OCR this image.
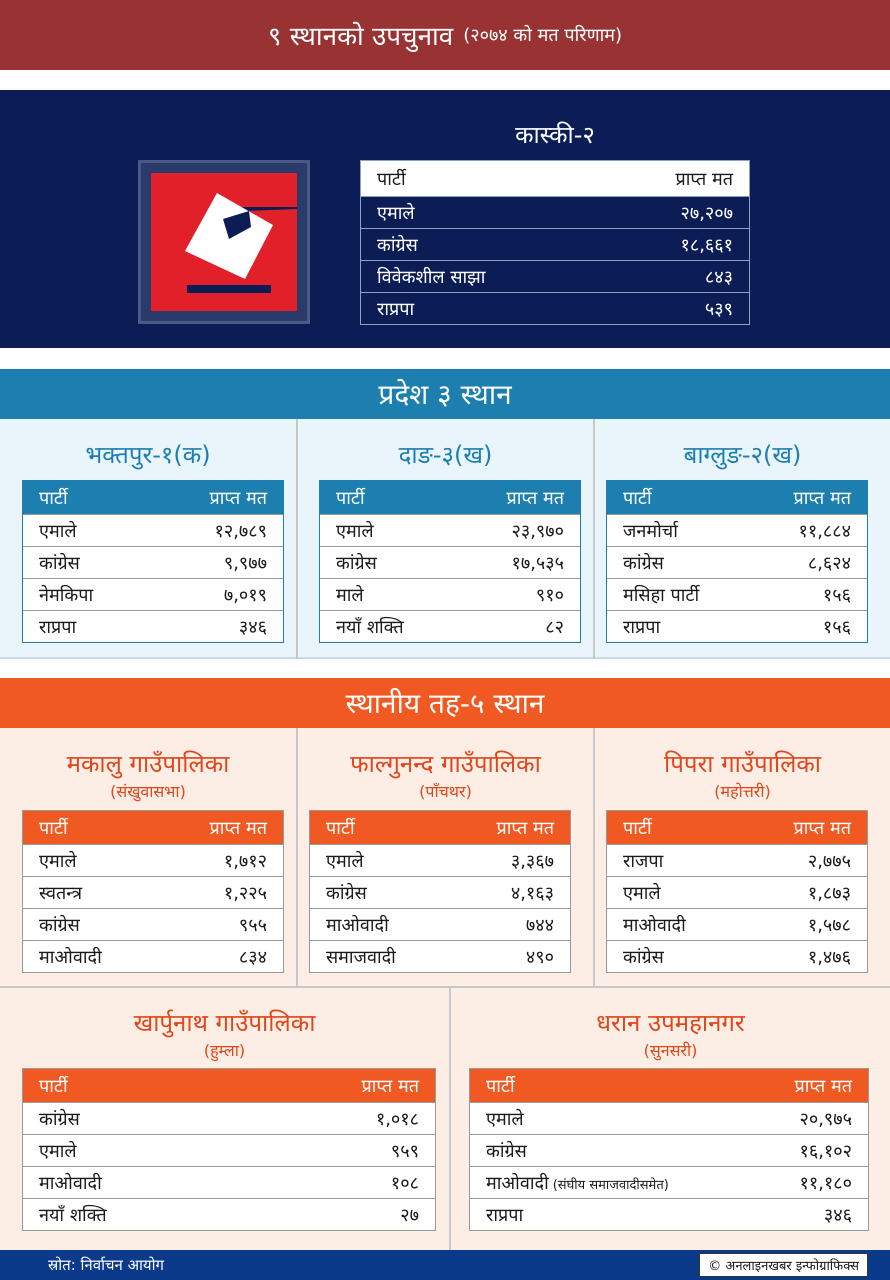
९ स्थानको उपचुनाव (२०७४ को मत परिणाम)
कास्की-२
पार्टी	प्राप्त मत
एमाले	२७,२०७
कांग्रेस	१८,६६१
विवेकशील साझा	८४३
राप्रपा	५३९
प्रदेश ३ स्थान
भक्तपुर-१(क)
पार्टी	प्राप्त मत
एमाले	१२,७८९
कांग्रेस	९,९७७
नेमकिपा	७,०१९
राप्रपा	३४६
दाङ-३(ख)
पार्टी	प्राप्त मत
एमाले	२३,९७०
कांग्रेस	१७,५३५
माले	९१०
नयाँ शक्ति	८२
बाग्लुङ-२(ख)
पार्टी	प्राप्त मत
जनमोर्चा	११,८८४
कांग्रेस	८,६२४
मसिहा पार्टी	१५६
राप्रपा	१५६
स्थानीय तह-५ स्थान
मकालु गाउँपालिका
(संखुवासभा)
पार्टी	प्राप्त मत
एमाले	१,७१२
स्वतन्त्र	१,२२५
कांग्रेस	९५५
माओवादी	८३४
फाल्गुनन्द गाउँपालिका
(पाँचथर)
पार्टी	प्राप्त मत
एमाले	३,३६७
कांग्रेस	४,१६३
माओवादी	७४४
समाजवादी	४९०
पिपरा गाउँपालिका
(महोत्तरी)
पार्टी	प्राप्त मत
राजपा	२,७७५
एमाले	१,८७३
माओवादी	१,५७८
कांग्रेस	१,४७६
खार्पुनाथ गाउँपालिका
(हुम्ला)
पार्टी	प्राप्त मत
कांग्रेस	१,०१८
एमाले	९५९
माओवादी	१०८
नयाँ शक्ति	२७
धरान उपमहानगर
(सुनसरी)
पार्टी	प्राप्त मत
एमाले	२०,९७५
कांग्रेस	१६,१०२
माओवादी (संघीय समाजवादीसमेत)	११,१८०
राप्रपा	३४६
स्रोत: निर्वाचन आयोग	© अनलाइनखबर इन्फोग्राफिक्स
